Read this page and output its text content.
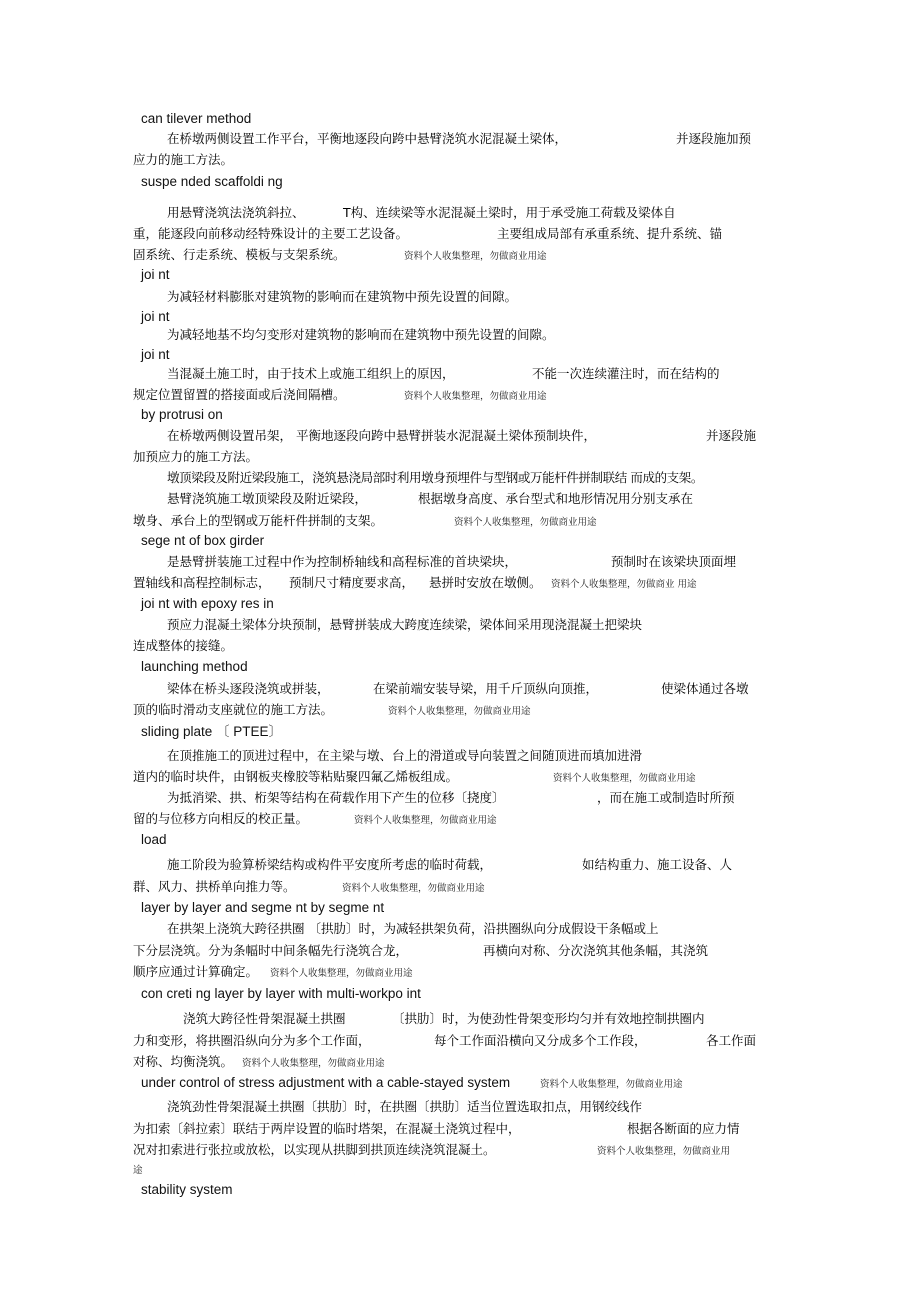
can tilever method
在桥墩两侧设置工作平台，平衡地逐段向跨中悬臂浇筑水泥混凝土梁体，	并逐段施加预
应力的施工方法。
suspe nded scaffoldi ng
用悬臂浇筑法浇筑斜拉、	T构、连续梁等水泥混凝土梁时，用于承受施工荷载及梁体自
重，能逐段向前移动经特殊设计的主要工艺设备。	主要组成局部有承重系统、提升系统、锚
固系统、行走系统、模板与支架系统。	资料个人收集整理，勿做商业用途
joi nt
为减轻材料膨胀对建筑物的影响而在建筑物中预先设置的间隙。
joi nt
为减轻地基不均匀变形对建筑物的影响而在建筑物中预先设置的间隙。
joi nt
当混凝土施工时，由于技术上或施工组织上的原因，	不能一次连续灌注时，而在结构的
规定位置留置的搭接面或后浇间隔槽。	资料个人收集整理，勿做商业用途
by protrusi on
在桥墩两侧设置吊架， 平衡地逐段向跨中悬臂拼装水泥混凝土梁体预制块件，	并逐段施
加预应力的施工方法。
墩顶梁段及附近梁段施工，浇筑悬浇局部时利用墩身预埋件与型钢或万能杆件拼制联结 而成的支架。
悬臂浇筑施工墩顶梁段及附近梁段，	根据墩身高度、承台型式和地形情况用分别支承在
墩身、承台上的型钢或万能杆件拼制的支架。	资料个人收集整理，勿做商业用途
sege nt of box girder
是悬臂拼装施工过程中作为控制桥轴线和高程标准的首块梁块，	预制时在该梁块顶面埋
置轴线和高程控制标志， 预制尺寸精度要求高， 悬拼时安放在墩侧。 资料个人收集整理，勿做商业 用途
joi nt with epoxy res in
预应力混凝土梁体分块预制，悬臂拼装成大跨度连续梁，梁体间采用现浇混凝土把梁块
连成整体的接缝。
launching method
梁体在桥头逐段浇筑或拼装，	在梁前端安装导梁，用千斤顶纵向顶推，	使梁体通过各墩
顶的临时滑动支座就位的施工方法。	资料个人收集整理，勿做商业用途
sliding plate 〔 PTEE〕
在顶推施工的顶进过程中，在主梁与墩、台上的滑道或导向装置之间随顶进而填加进滑
道内的临时块件，由钢板夹橡胶等粘贴聚四氟乙烯板组成。	资料个人收集整理，勿做商业用途
为抵消梁、拱、桁架等结构在荷载作用下产生的位移〔挠度〕	，而在施工或制造时所预
留的与位移方向相反的校正量。	资料个人收集整理，勿做商业用途
load
施工阶段为验算桥梁结构或构件平安度所考虑的临时荷载，	如结构重力、施工设备、人
群、风力、拱桥单向推力等。	资料个人收集整理，勿做商业用途
layer by layer and segme nt by segme nt
在拱架上浇筑大跨径拱圈 〔拱肋〕时，为减轻拱架负荷，沿拱圈纵向分成假设干条幅或上
下分层浇筑。分为条幅时中间条幅先行浇筑合龙，	再横向对称、分次浇筑其他条幅，其浇筑
顺序应通过计算确定。 资料个人收集整理，勿做商业用途
con creti ng layer by layer with multi-workpo int
浇筑大跨径性骨架混凝土拱圈	〔拱肋〕时，为使劲性骨架变形均匀并有效地控制拱圈内
力和变形，将拱圈沿纵向分为多个工作面，	每个工作面沿横向又分成多个工作段，	各工作面
对称、均衡浇筑。 资料个人收集整理，勿做商业用途
under control of stress adjustment with a cable-stayed system	资料个人收集整理，勿做商业用途
浇筑劲性骨架混凝土拱圈〔拱肋〕时，在拱圈〔拱肋〕适当位置选取扣点，用钢绞线作
为扣索〔斜拉索〕联结于两岸设置的临时塔架，在混凝土浇筑过程中，	根据各断面的应力情
况对扣索进行张拉或放松，以实现从拱脚到拱顶连续浇筑混凝土。	资料个人收集整理，勿做商业用
途
stability system
